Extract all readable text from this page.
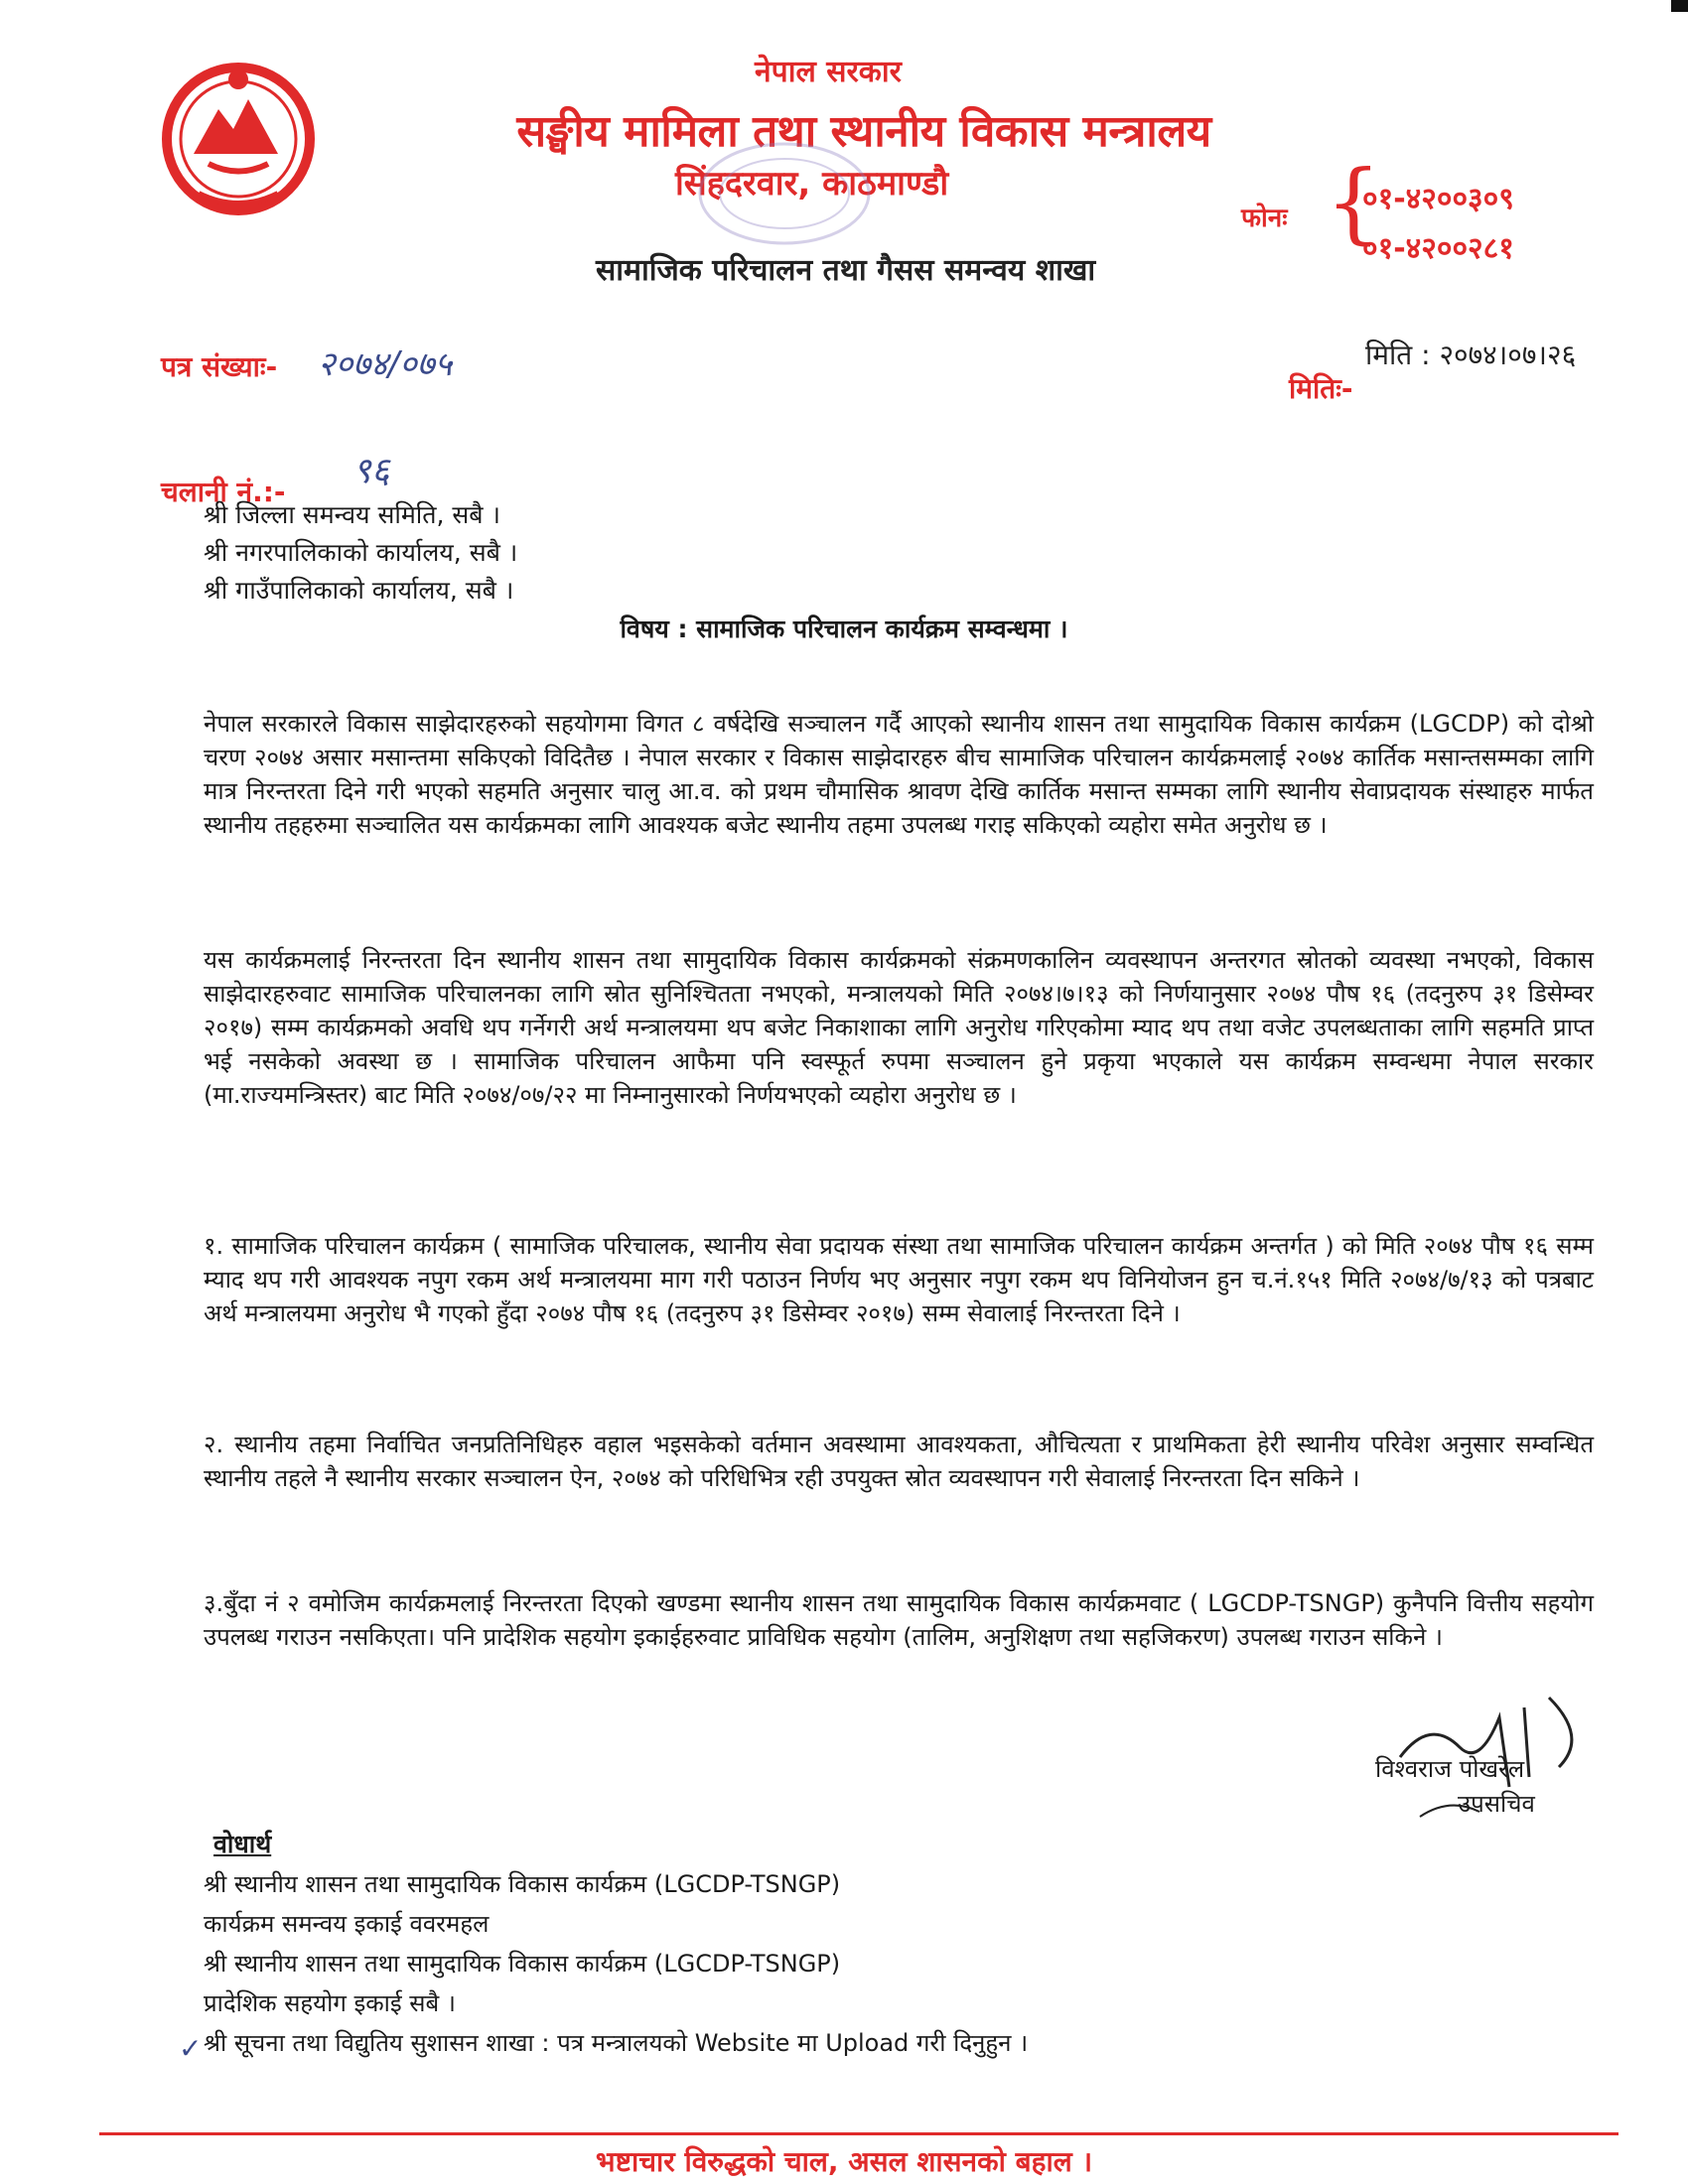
नेपाल सरकार
सङ्घीय मामिला तथा स्थानीय विकास मन्त्रालय
सिंहदरवार, काठमाण्डौ
सामाजिक परिचालन तथा गैसस समन्वय शाखा
फोनः {
०१-४२००३०९
०१-४२००२८१
पत्र संख्याः- २०७४/०७५	मिति : २०७४।०७।२६
मितिः-
९६
चलानी नं.:-
श्री जिल्ला समन्वय समिति, सबै ।
श्री नगरपालिकाको कार्यालय, सबै ।
श्री गाउँपालिकाको कार्यालय, सबै ।
विषय : सामाजिक परिचालन कार्यक्रम सम्वन्धमा ।
नेपाल सरकारले विकास साझेदारहरुको सहयोगमा विगत ८ वर्षदेखि सञ्चालन गर्दै आएको स्थानीय शासन तथा सामुदायिक विकास कार्यक्रम (LGCDP) को दोश्रो चरण २०७४ असार मसान्तमा सकिएको विदितैछ । नेपाल सरकार र विकास साझेदारहरु बीच सामाजिक परिचालन कार्यक्रमलाई २०७४ कार्तिक मसान्तसम्मका लागि मात्र निरन्तरता दिने गरी भएको सहमति अनुसार चालु आ.व. को प्रथम चौमासिक श्रावण देखि कार्तिक मसान्त सम्मका लागि स्थानीय सेवाप्रदायक संस्थाहरु मार्फत स्थानीय तहहरुमा सञ्चालित यस कार्यक्रमका लागि आवश्यक बजेट स्थानीय तहमा उपलब्ध गराइ सकिएको व्यहोरा समेत अनुरोध छ ।
यस कार्यक्रमलाई निरन्तरता दिन स्थानीय शासन तथा सामुदायिक विकास कार्यक्रमको संक्रमणकालिन व्यवस्थापन अन्तरगत स्रोतको व्यवस्था नभएको, विकास साझेदारहरुवाट सामाजिक परिचालनका लागि स्रोत सुनिश्चितता नभएको, मन्त्रालयको मिति २०७४।७।१३ को निर्णयानुसार २०७४ पौष १६ (तदनुरुप ३१ डिसेम्वर २०१७) सम्म कार्यक्रमको अवधि थप गर्नेगरी अर्थ मन्त्रालयमा थप बजेट निकाशाका लागि अनुरोध गरिएकोमा म्याद थप तथा वजेट उपलब्धताका लागि सहमति प्राप्त भई नसकेको अवस्था छ । सामाजिक परिचालन आफैमा पनि स्वस्फूर्त रुपमा सञ्चालन हुने प्रकृया भएकाले यस कार्यक्रम सम्वन्धमा नेपाल सरकार (मा.राज्यमन्त्रिस्तर) बाट मिति २०७४/०७/२२ मा निम्नानुसारको निर्णयभएको व्यहोरा अनुरोध छ ।
१. सामाजिक परिचालन कार्यक्रम ( सामाजिक परिचालक, स्थानीय सेवा प्रदायक संस्था तथा सामाजिक परिचालन कार्यक्रम अन्तर्गत ) को मिति २०७४ पौष १६ सम्म म्याद थप गरी आवश्यक नपुग रकम अर्थ मन्त्रालयमा माग गरी पठाउन निर्णय भए अनुसार नपुग रकम थप विनियोजन हुन च.नं.१५१ मिति २०७४/७/१३ को पत्रबाट अर्थ मन्त्रालयमा अनुरोध भै गएको हुँदा २०७४ पौष १६ (तदनुरुप ३१ डिसेम्वर २०१७) सम्म सेवालाई निरन्तरता दिने ।
२. स्थानीय तहमा निर्वाचित जनप्रतिनिधिहरु वहाल भइसकेको वर्तमान अवस्थामा आवश्यकता, औचित्यता र प्राथमिकता हेरी स्थानीय परिवेश अनुसार सम्वन्धित स्थानीय तहले नै स्थानीय सरकार सञ्चालन ऐन, २०७४ को परिधिभित्र रही उपयुक्त स्रोत व्यवस्थापन गरी सेवालाई निरन्तरता दिन सकिने ।
३.बुँदा नं २ वमोजिम कार्यक्रमलाई निरन्तरता दिएको खण्डमा स्थानीय शासन तथा सामुदायिक विकास कार्यक्रमवाट ( LGCDP-TSNGP) कुनैपनि वित्तीय सहयोग उपलब्ध गराउन नसकिएता। पनि प्रादेशिक सहयोग इकाईहरुवाट प्राविधिक सहयोग (तालिम, अनुशिक्षण तथा सहजिकरण) उपलब्ध गराउन सकिने ।
विश्वराज पोखरेल
उपसचिव
वोधार्थ
श्री स्थानीय शासन तथा सामुदायिक विकास कार्यक्रम (LGCDP-TSNGP)
कार्यक्रम समन्वय इकाई ववरमहल
श्री स्थानीय शासन तथा सामुदायिक विकास कार्यक्रम (LGCDP-TSNGP)
प्रादेशिक सहयोग इकाई सबै ।
श्री सूचना तथा विद्युतिय सुशासन शाखा : पत्र मन्त्रालयको Website मा Upload गरी दिनुहुन ।
✓
भष्टाचार विरुद्धको चाल, असल शासनको बहाल ।
